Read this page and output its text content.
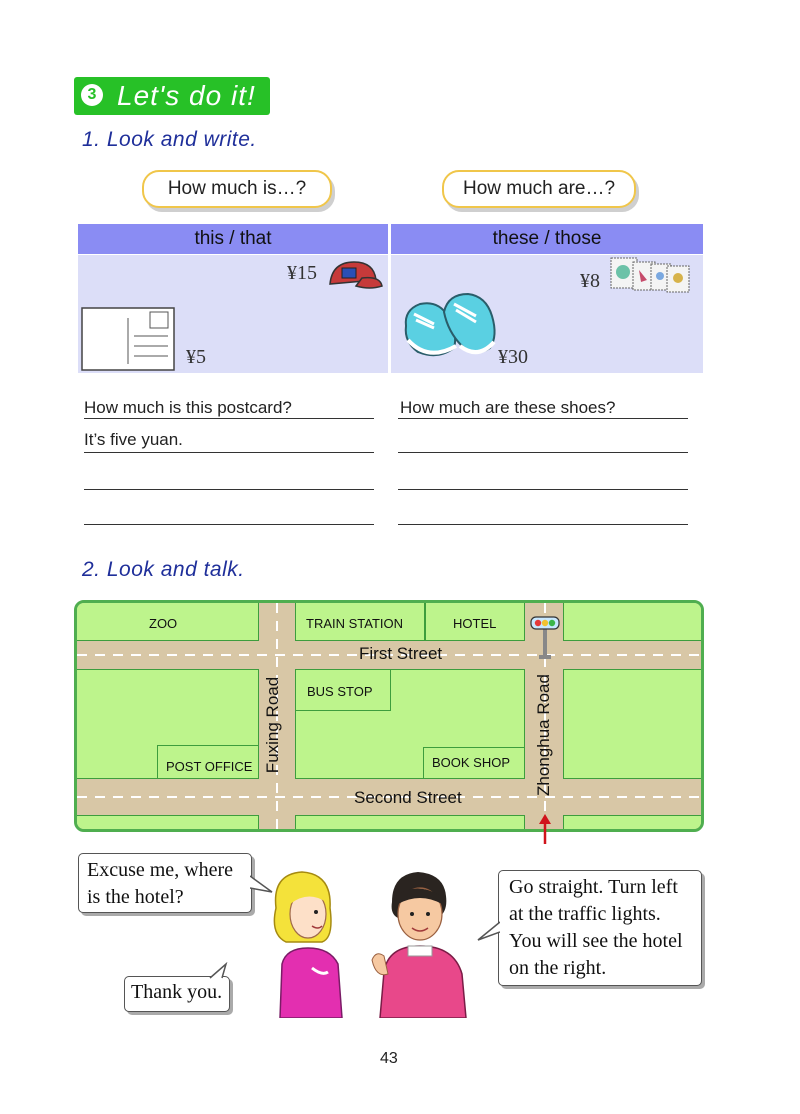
3 Let's do it!
1. Look and write.
How much is…?	How much are…?
this / that	these / those
¥15
¥5
¥8
¥30
How much is this postcard?
It’s five yuan.
How much are these shoes?
2. Look and talk.
ZOO	TRAIN STATION	HOTEL
BUS STOP
POST OFFICE	BOOK SHOP
First Street
Second Street
Fuxing Road	Zhonghua Road
Excuse me, where is the hotel?	Go straight. Turn left at the traffic lights. You will see the hotel on the right.
Thank you.
43
